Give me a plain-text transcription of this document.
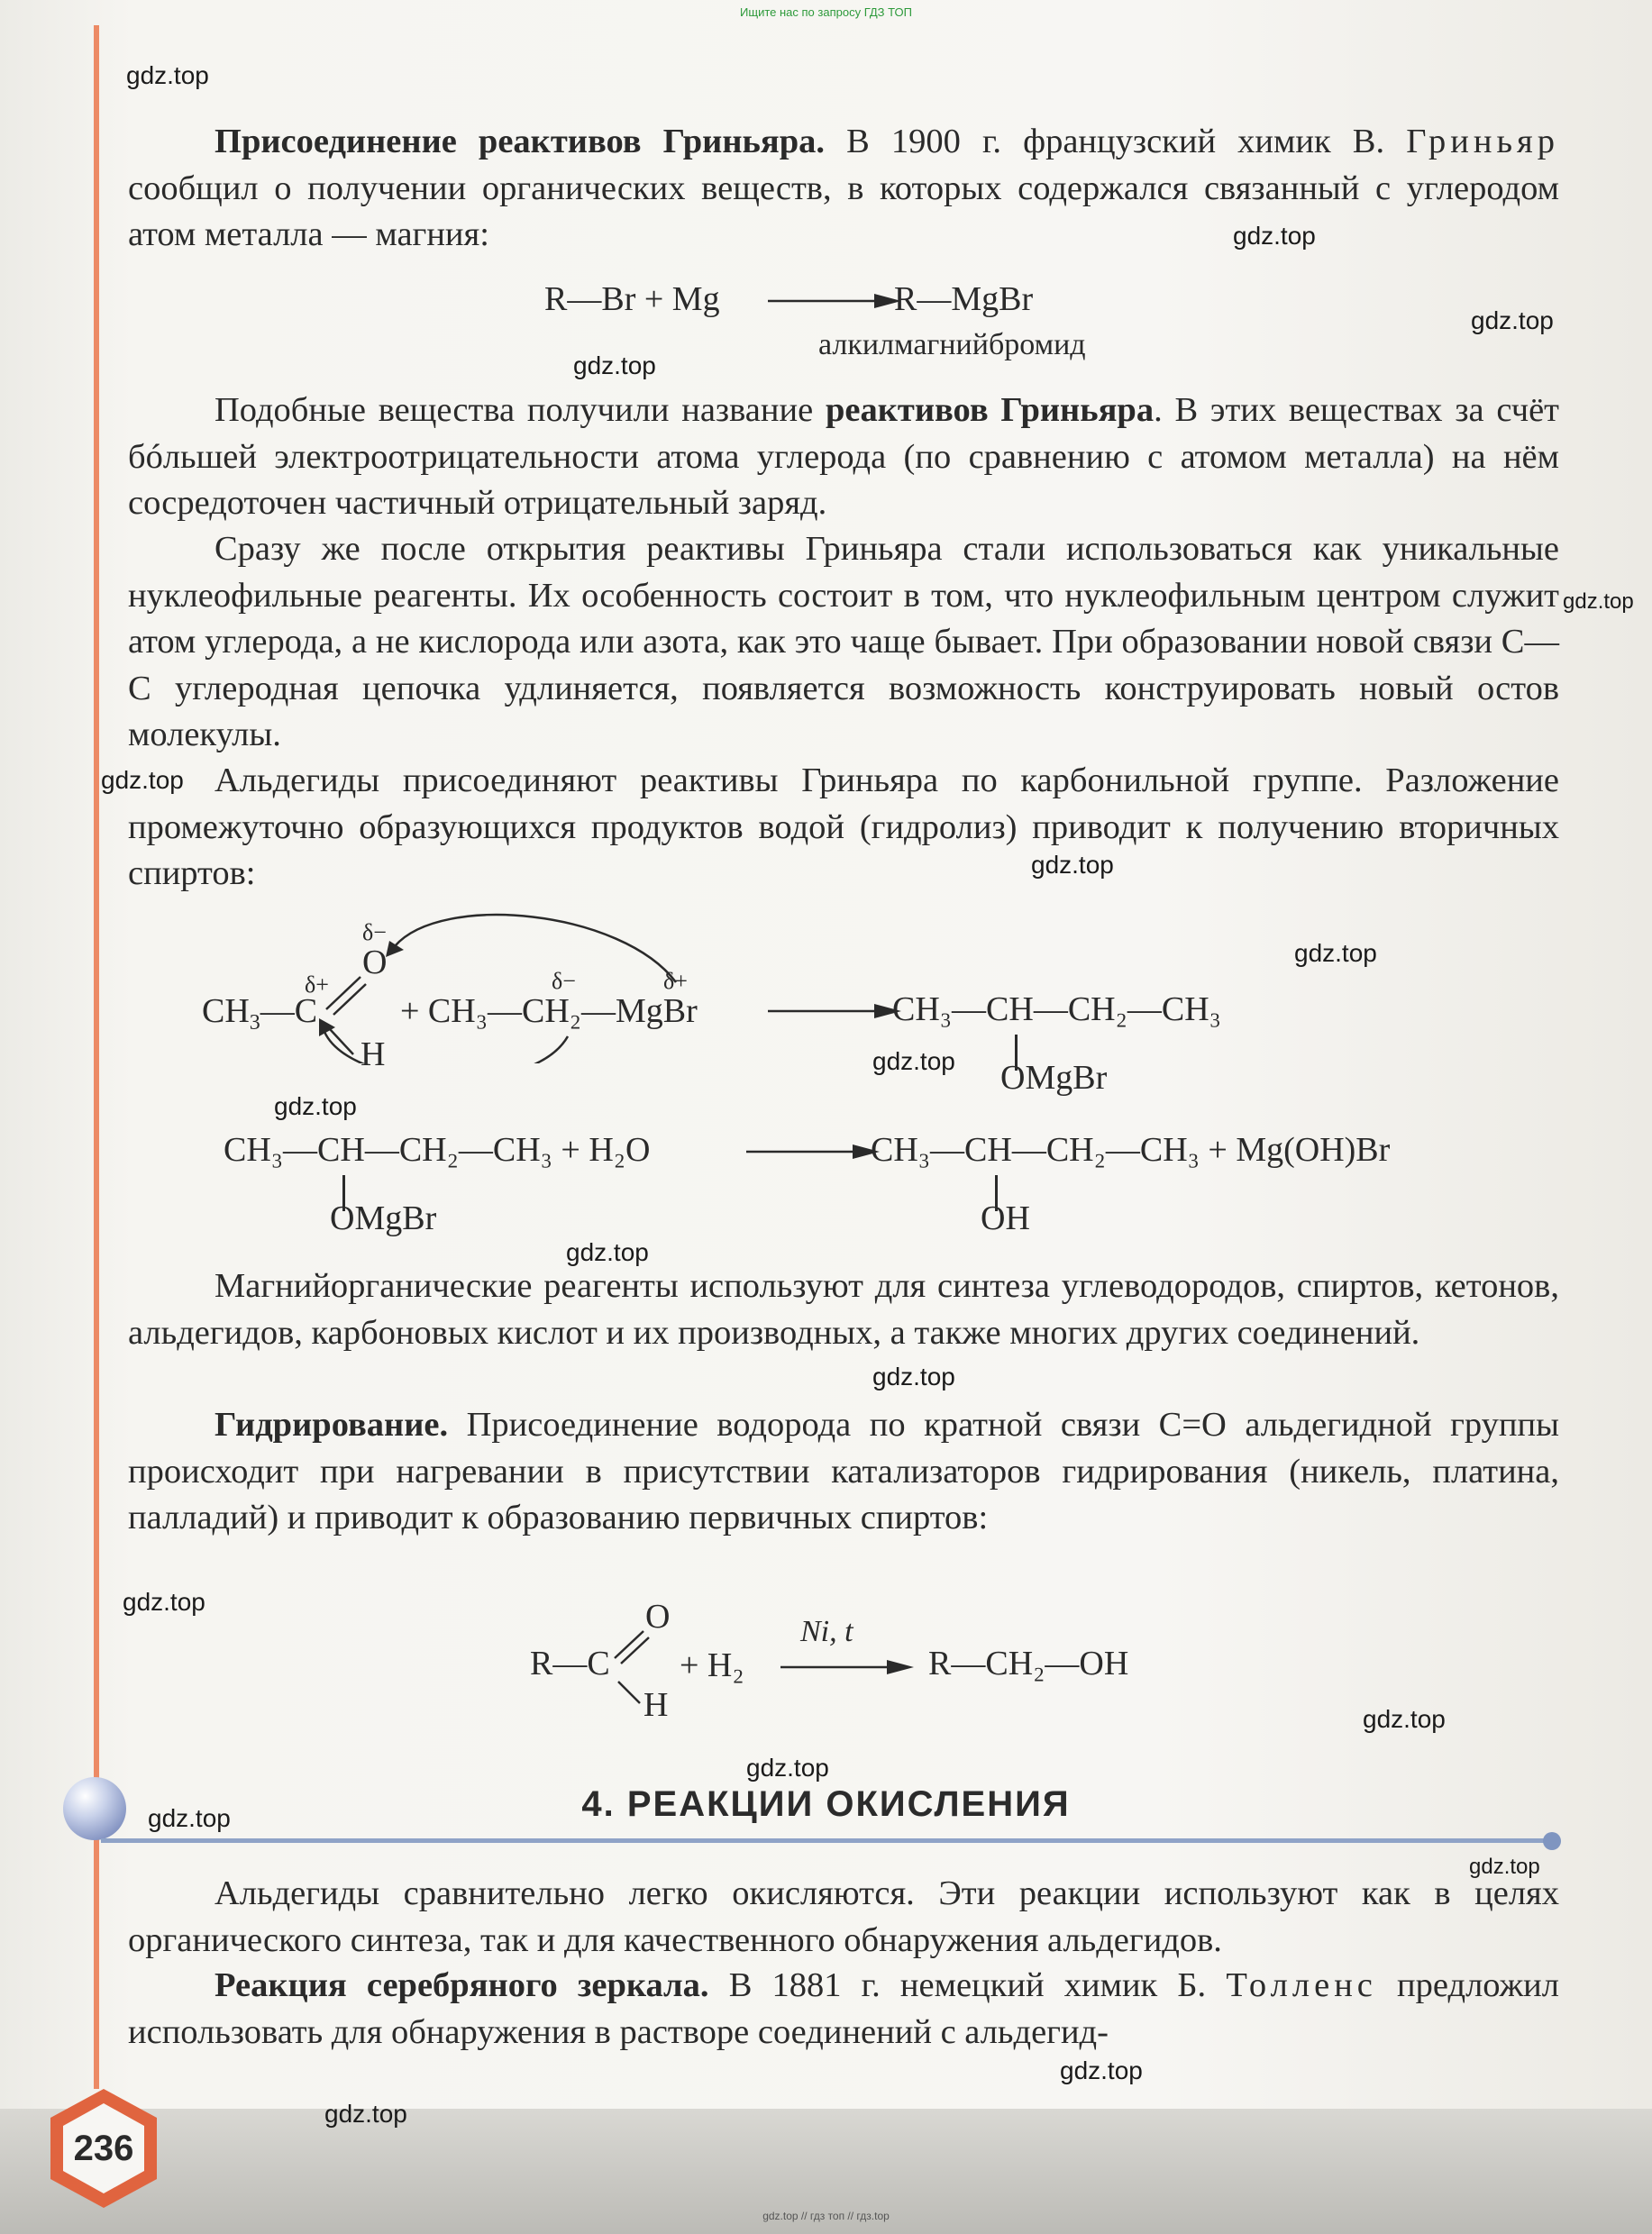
Ищите нас по запросу ГДЗ ТОП
gdz.top
gdz.top
gdz.top
gdz.top
gdz.top
gdz.top
gdz.top
gdz.top
gdz.top
gdz.top
gdz.top
gdz.top
gdz.top
gdz.top
gdz.top
gdz.top
gdz.top
gdz.top
gdz.top

Присоединение реактивов Гриньяра. В 1900 г. французский химик В. Гриньяр сообщил о получении органических веществ, в которых содержался связанный с углеродом атом металла — магния:

R—Br + Mg	R—MgBr
алкилмагнийбромид

Подобные вещества получили название реактивов Гриньяра. В этих веществах за счёт бóльшей электроотрицательности атома углерода (по сравнению с атомом металла) на нём сосредоточен частичный отрицательный заряд.

Сразу же после открытия реактивы Гриньяра стали использоваться как уникальные нуклеофильные реагенты. Их особенность состоит в том, что нуклеофильным центром служит атом углерода, а не кислорода или азота, как это чаще бывает. При образовании новой связи C—C углеродная цепочка удлиняется, появляется возможность конструировать новый остов молекулы.

Альдегиды присоединяют реактивы Гриньяра по карбонильной группе. Разложение промежуточно образующихся продуктов водой (гидролиз) приводит к получению вторичных спиртов:

δ−
O
δ+
$CH_3—C$
H
δ−	δ+
+ CH₃—CH₂—MgBr	CH₃—CH—CH₂—CH₃
OMgBr
CH₃—CH—CH₂—CH₃ + H₂O
OMgBr
CH₃—CH—CH₂—CH₃ + Mg(OH)Br
OH

Магнийорганические реагенты используют для синтеза углеводородов, спиртов, кетонов, альдегидов, карбоновых кислот и их производных, а также многих других соединений.

Гидрирование. Присоединение водорода по кратной связи C=O альдегидной группы происходит при нагревании в присутствии катализаторов гидрирования (никель, платина, палладий) и приводит к образованию первичных спиртов:

O
R—C
H
+ H₂
Ni, t
R—CH₂—OH
4. РЕАКЦИИ ОКИСЛЕНИЯ

Альдегиды сравнительно легко окисляются. Эти реакции используют как в целях органического синтеза, так и для качественного обнаружения альдегидов.

Реакция серебряного зеркала. В 1881 г. немецкий химик Б. Толленс предложил использовать для обнаружения в растворе соединений с альдегид-

236
gdz.top // гдз топ // гдз.top
